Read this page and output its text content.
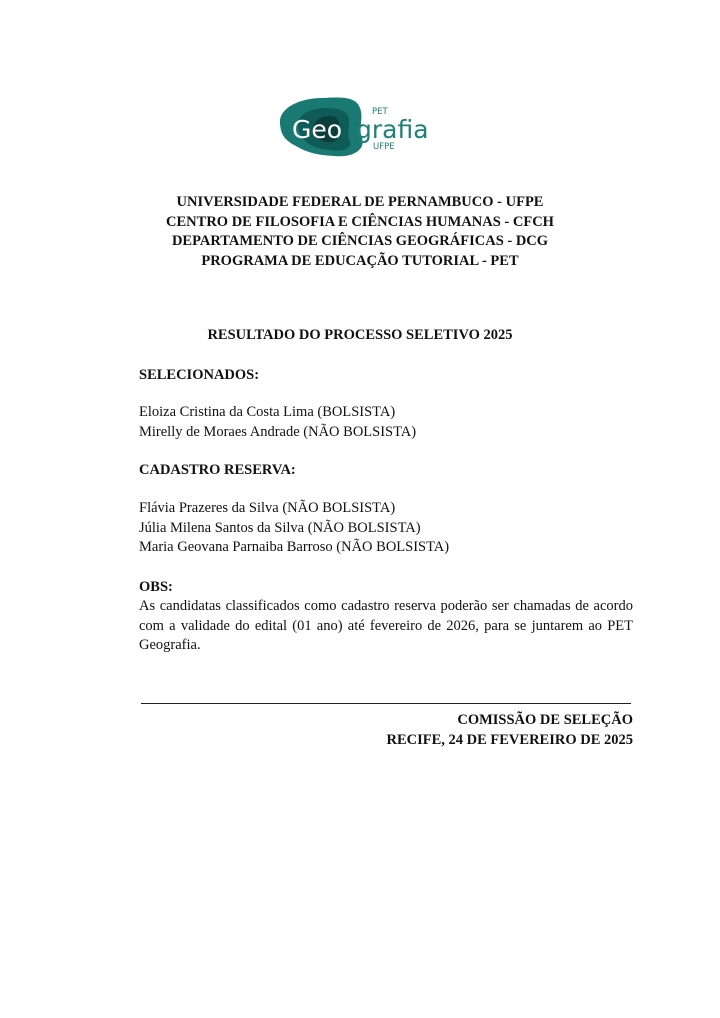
Geo grafia
PET
UFPE
UNIVERSIDADE FEDERAL DE PERNAMBUCO - UFPE
CENTRO DE FILOSOFIA E CIÊNCIAS HUMANAS - CFCH
DEPARTAMENTO DE CIÊNCIAS GEOGRÁFICAS - DCG
PROGRAMA DE EDUCAÇÃO TUTORIAL - PET
RESULTADO DO PROCESSO SELETIVO 2025
SELECIONADOS:
Eloiza Cristina da Costa Lima (BOLSISTA)
Mirelly de Moraes Andrade (NÃO BOLSISTA)
CADASTRO RESERVA:
Flávia Prazeres da Silva (NÃO BOLSISTA)
Júlia Milena Santos da Silva (NÃO BOLSISTA)
Maria Geovana Parnaiba Barroso (NÃO BOLSISTA)
OBS:
As candidatas classificados como cadastro reserva poderão ser chamadas de acordo com a validade do edital (01 ano) até fevereiro de 2026, para se juntarem ao PET Geografia.
COMISSÃO DE SELEÇÃO
RECIFE, 24 DE FEVEREIRO DE 2025
